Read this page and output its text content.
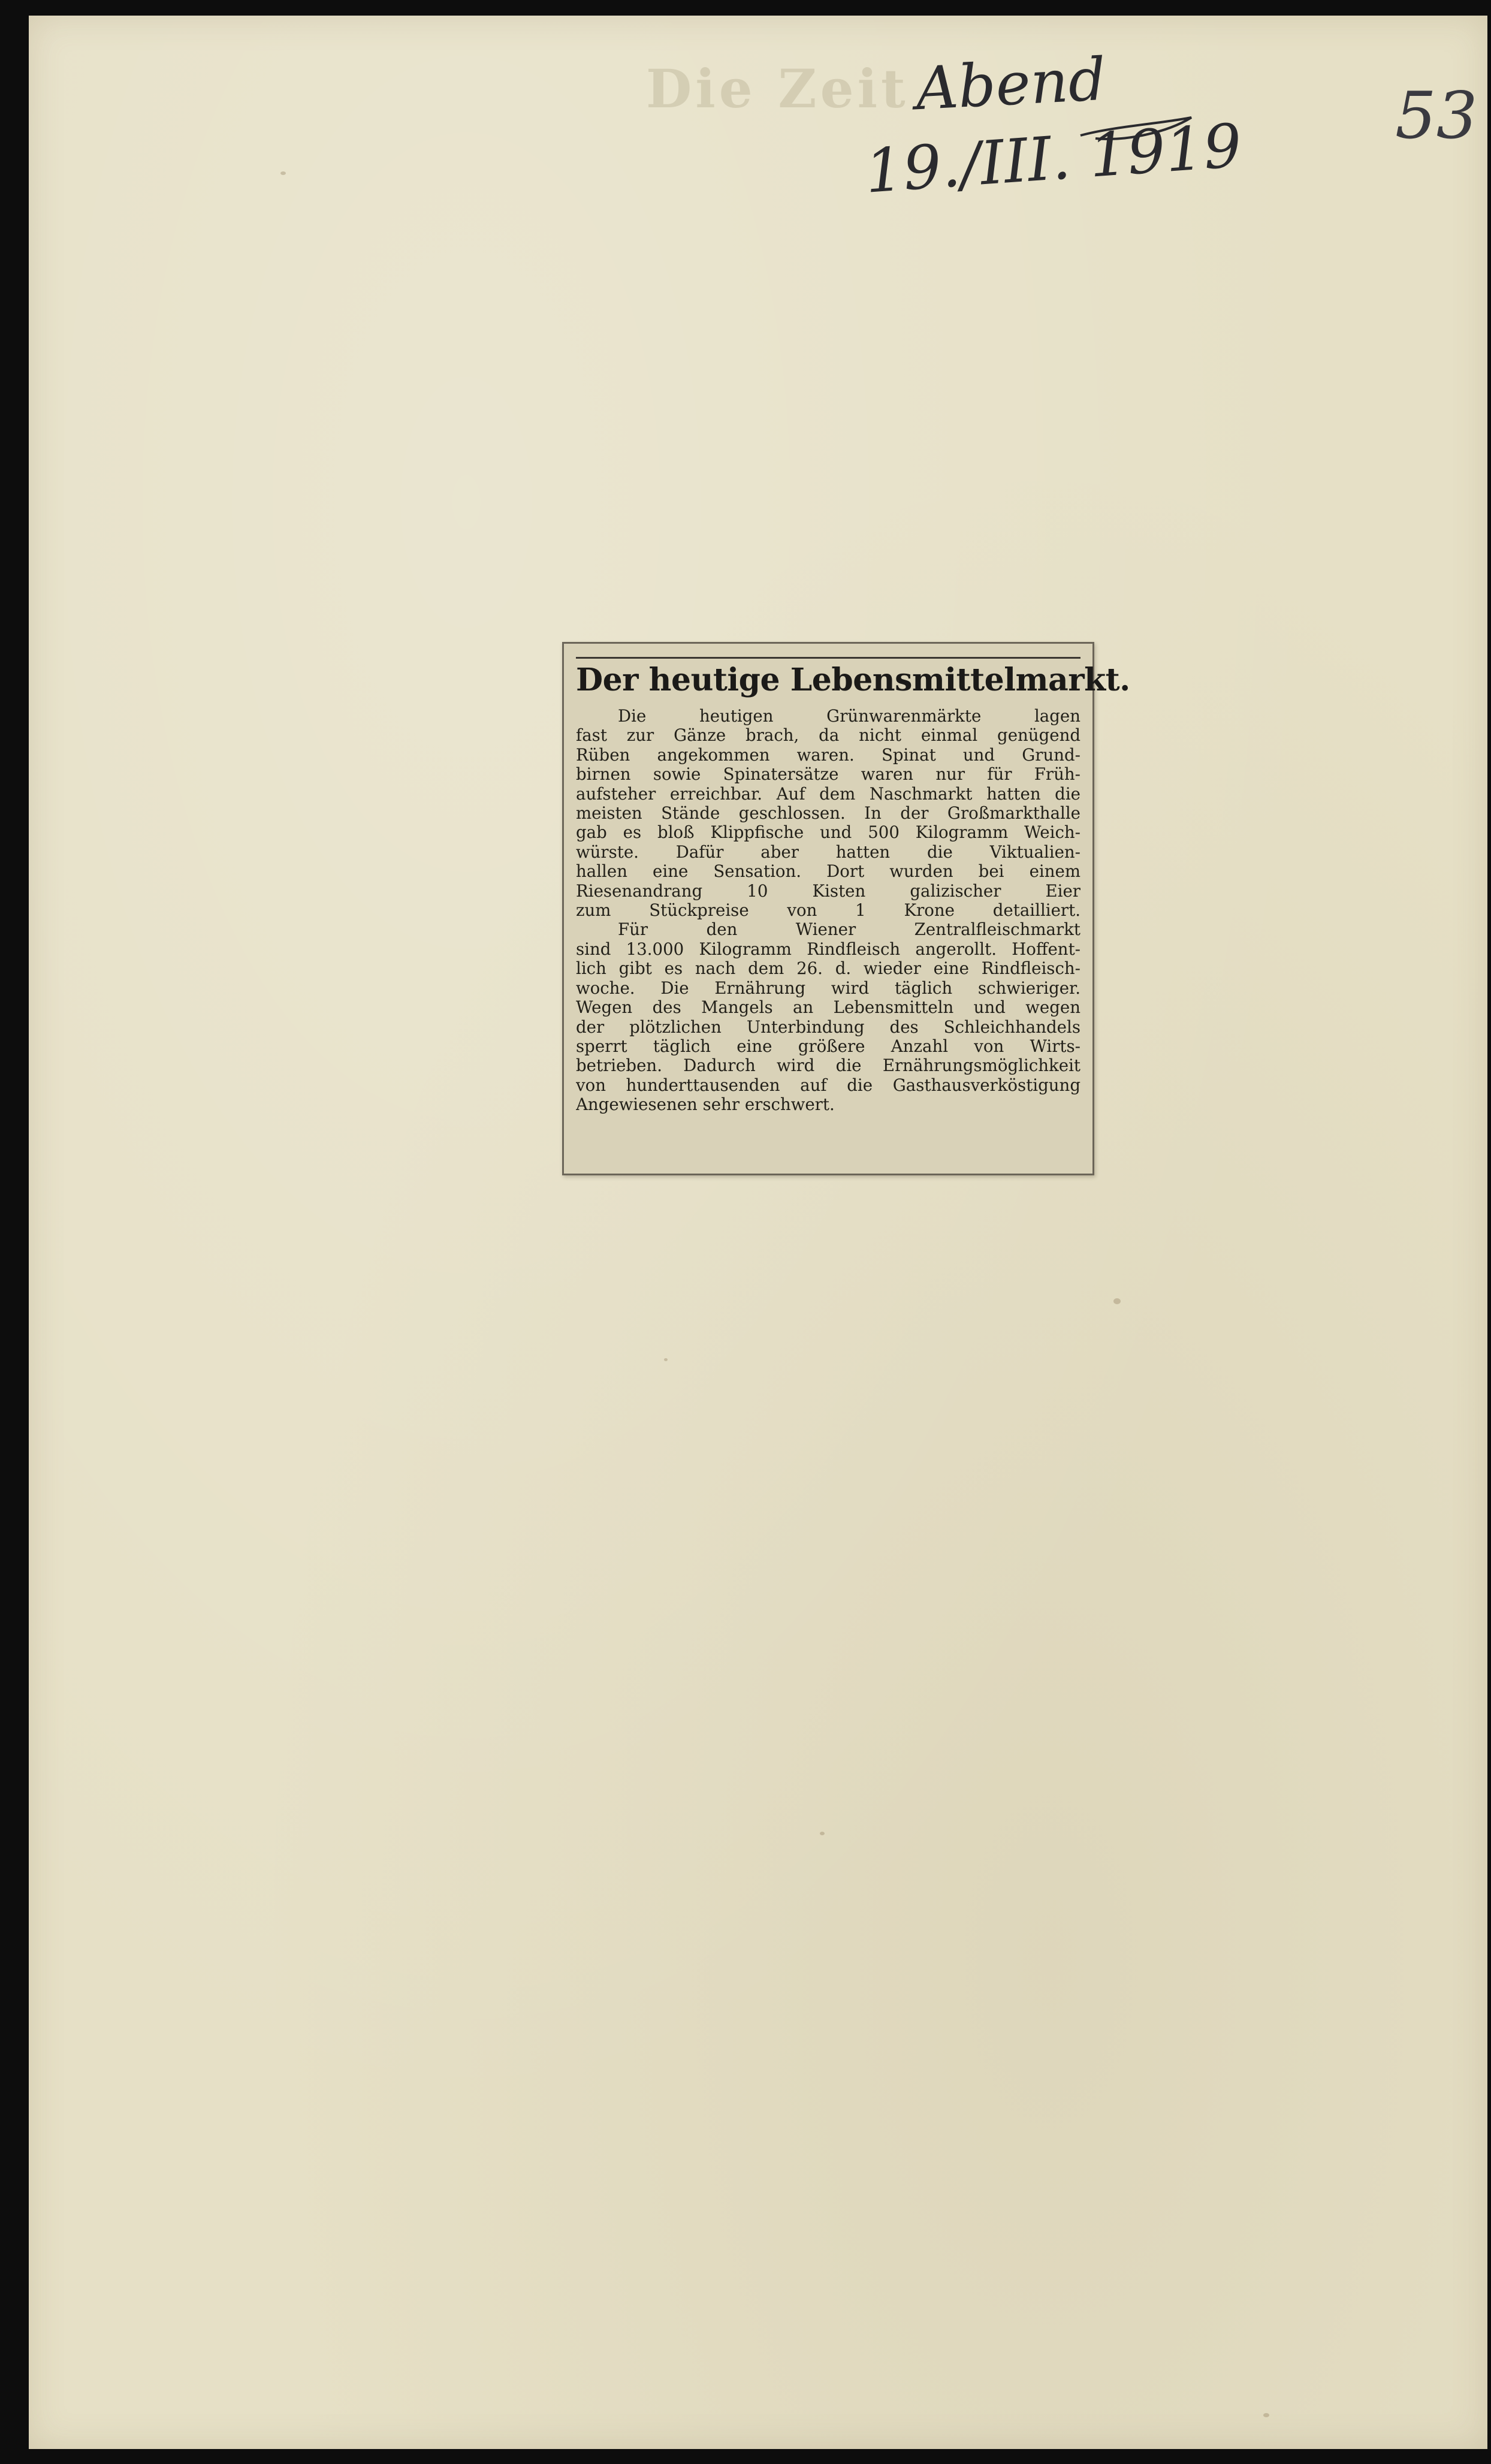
Die Zeit Abend
19./III. 1919 53
Der heutige Lebensmittelmarkt.
Die heutigen Grünwarenmärkte lagen
fast zur Gänze brach, da nicht einmal genügend
Rüben angekommen waren. Spinat und Grund-
birnen sowie Spinatersätze waren nur für Früh-
aufsteher erreichbar. Auf dem Naschmarkt hatten die
meisten Stände geschlossen. In der Großmarkthalle
gab es bloß Klippfische und 500 Kilogramm Weich-
würste. Dafür aber hatten die Viktualien-
hallen eine Sensation. Dort wurden bei einem
Riesenandrang 10 Kisten galizischer Eier
zum Stückpreise von 1 Krone detailliert.
Für den Wiener Zentralfleischmarkt
sind 13.000 Kilogramm Rindfleisch angerollt. Hoffent-
lich gibt es nach dem 26. d. wieder eine Rindfleisch-
woche. Die Ernährung wird täglich schwieriger.
Wegen des Mangels an Lebensmitteln und wegen
der plötzlichen Unterbindung des Schleichhandels
sperrt täglich eine größere Anzahl von Wirts-
betrieben. Dadurch wird die Ernährungsmöglichkeit
von hunderttausenden auf die Gasthausverköstigung
Angewiesenen sehr erschwert.
